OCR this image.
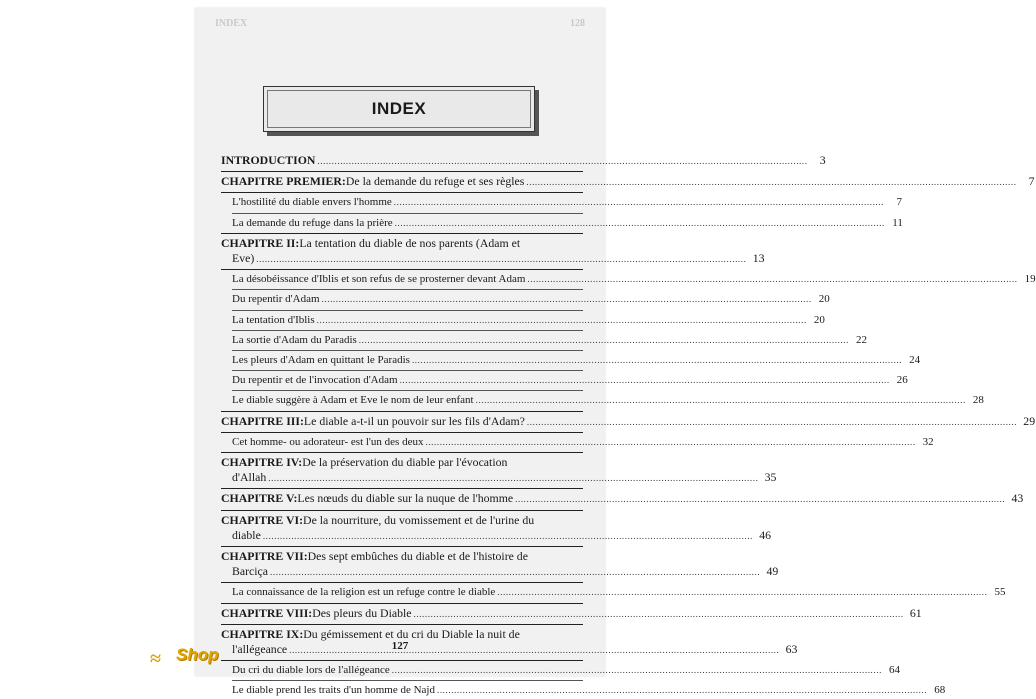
INDEX	128
INDEX
INTRODUCTION .....	3
CHAPITRE PREMIER: De la demande du refuge et ses règles .....	7
L'hostilité du diable envers l'homme .....	7
La demande du refuge dans la prière .....	11
CHAPITRE II: La tentation du diable de nos parents (Adam et
Eve) .....	13
La désobéissance d'Iblis et son refus de se prosterner devant Adam .....	19
Du repentir d'Adam .....	20
La tentation d'Iblis .....	20
La sortie d'Adam du Paradis .....	22
Les pleurs d'Adam en quittant le Paradis .....	24
Du repentir et de l'invocation d'Adam .....	26
Le diable suggère à Adam et Eve le nom de leur enfant .....	28
CHAPITRE III: Le diable a-t-il un pouvoir sur les fils d'Adam? .....	29
Cet homme- ou adorateur- est l'un des deux .....	32
CHAPITRE IV: De la préservation du diable par l'évocation
d'Allah .....	35
CHAPITRE V: Les nœuds du diable sur la nuque de l'homme .....	43
CHAPITRE VI: De la nourriture, du vomissement et de l'urine du
diable .....	46
CHAPITRE VII: Des sept embûches du diable et de l'histoire de
Barciça .....	49
La connaissance de la religion est un refuge contre le diable .....	55
CHAPITRE VIII: Des pleurs du Diable .....	61
CHAPITRE IX: Du gémissement et du cri du Diable la nuit de
l'allégeance .....	63
Du cri du diable lors de l'allégeance .....	64
Le diable prend les traits d'un homme de Najd .....	68
127
≈ Shop
